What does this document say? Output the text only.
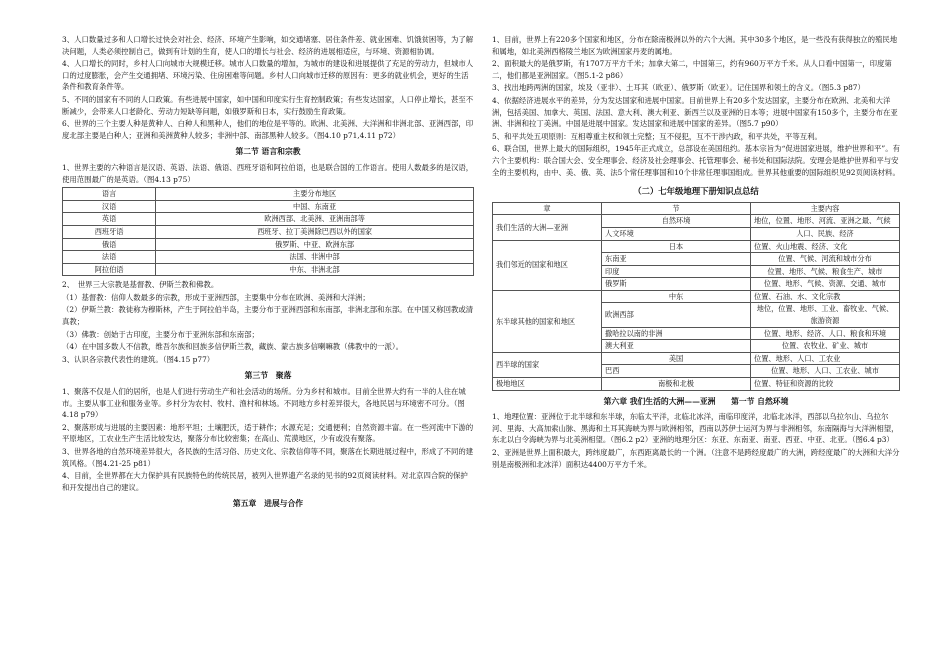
3、人口数量过多和人口增长过快会对社会、经济、环境产生影响，如交通堵塞、居住条件差、就业困难、饥饿贫困等，为了解决问题，人类必须控制自己，做到有计划的生育，使人口的增长与社会、经济的进展相适应，与环境、资源相协调。

4、人口增长的同时，乡村人口向城市大规模迁移。城市人口数量的增加，为城市的建设和进展提供了充足的劳动力，但城市人口的过度膨胀，会产生交通拥堵、环境污染、住房困难等问题。乡村人口向城市迁移的原因有：更多的就业机会，更好的生活条件和教育条件等。

5、不同的国家有不同的人口政策。有些进展中国家，如中国和印度实行生育控制政策；有些发达国家，人口停止增长，甚至不断减少，会带来人口老龄化、劳动力短缺等问题，如俄罗斯和日本，实行鼓励生育政策。

6、世界的三个主要人种是黄种人、白种人和黑种人，他们的地位是平等的。欧洲、北美洲、大洋洲和非洲北部、亚洲西部，印度北部主要是白种人；亚洲和美洲黄种人较多；非洲中部、南部黑种人较多。（图4.10 p71,4.11 p72）

第二节 语言和宗教

1、世界主要的六种语言是汉语、英语、法语、俄语、西班牙语和阿拉伯语，也是联合国的工作语言。使用人数最多的是汉语，使用范围最广的是英语。（图4.13 p75）

语言	主要分布地区
汉语	中国、东南亚
英语	欧洲西部、北美洲、亚洲南部等
西班牙语	西班牙、拉丁美洲除巴西以外的国家
俄语	俄罗斯、中亚、欧洲东部
法语	法国、非洲中部
阿拉伯语	中东、非洲北部

2、　世界三大宗教是基督教、伊斯兰教和佛教。

（1）基督教：信仰人数最多的宗教，形成于亚洲西部，主要集中分布在欧洲、美洲和大洋洲；

（2）伊斯兰教：教徒称为穆斯林，产生于阿拉伯半岛，主要分布于亚洲西部和东南部，非洲北部和东部。在中国又称回教或清真教；

（3）佛教：创始于古印度，主要分布于亚洲东部和东南部；

（4）在中国多数人不信教，维吾尔族和回族多信伊斯兰教，藏族、蒙古族多信喇嘛教（佛教中的一派）。

3、认识各宗教代表性的建筑。（图4.15 p77）

第三节　聚落

1、聚落不仅是人们的居所，也是人们进行劳动生产和社会活动的场所。分为乡村和城市。目前全世界大约有一半的人住在城市。主要从事工业和服务业等。乡村分为农村、牧村、渔村和林场。不同地方乡村差异很大，各地民居与环境密不可分。（图4.18 p79）

2、聚落形成与进展的主要因素：地形平坦；土壤肥沃，适于耕作；水源充足；交通便利；自然资源丰富。在一些河流中下游的平原地区，工农业生产生活比较发达，聚落分布比较密集；在高山、荒漠地区，少有或没有聚落。

3、世界各地的自然环境差异很大，各民族的生活习俗、历史文化、宗教信仰等不同，聚落在长期进展过程中，形成了不同的建筑风格。（图4.21-25 p81）

4、目前，全世界都在大力保护具有民族特色的传统民居，被列入世界遗产名录的见书的92页阅读材料。对北京四合院的保护和开发提出自己的建议。

第五章　进展与合作

1、目前，世界上有220多个国家和地区，分布在除南极洲以外的六个大洲。其中30多个地区，是一些没有获得独立的殖民地和属地，如北美洲西格陵兰地区为欧洲国家丹麦的属地。

2、面积最大的是俄罗斯，有1707万平方千米；加拿大第二，中国第三，约有960万平方千米。从人口看中国第一，印度第二，他们都是亚洲国家。（图5.1-2 p86）

3、找出地跨两洲的国家，埃及（亚非）、土耳其（欧亚）、俄罗斯（欧亚）。记住国界和领土的含义。（图5.3 p87）

4、依据经济进展水平的差异，分为发达国家和进展中国家。目前世界上有20多个发达国家，主要分布在欧洲、北美和大洋洲，包括美国、加拿大、英国、法国、意大利、澳大利亚、新西兰以及亚洲的日本等；进展中国家有150多个，主要分布在亚洲、非洲和拉丁美洲。中国是进展中国家。发达国家和进展中国家的差异。（图5.7 p90）

5、和平共处五项原则：互相尊重主权和领土完整；互不侵犯，互不干涉内政，和平共处，平等互利。

6、联合国，世界上最大的国际组织，1945年正式成立，总部设在美国纽约。基本宗旨为“促进国家进展，维护世界和平”。有六个主要机构：联合国大会、安全理事会、经济及社会理事会、托管理事会、秘书处和国际法院。安理会是维护世界和平与安全的主要机构，由中、美、俄、英、法5个常任理事国和10个非常任理事国组成。世界其他重要的国际组织见92页阅读材料。

（二）七年级地理下册知识点总结
章	节	主要内容
我们生活的大洲—亚洲	自然环境	地位，位置、地形、河流、亚洲之最、气候
	人文环境	人口、民族、经济
我们邻近的国家和地区	日本	位置、火山地震、经济、文化
	东南亚	位置、气候、河流和城市分布
	印度	位置、地形、气候、粮食生产、城市
	俄罗斯	位置、地形、气候、资源、交通、城市
东半球其他的国家和地区	中东	位置、石油、水、文化宗教
	欧洲西部	地位，位置、地形、工业、畜牧业、气候、旅游资源
	撒哈拉以南的非洲	位置、地形、经济、人口、粮食和环境
	澳大利亚	位置、农牧业、矿业、城市
西半球的国家	美国	位置、地形、人口、工农业
	巴西	位置、地形、人口、工农业、城市
极地地区	南极和北极	位置、特征和资源的比较
第六章 我们生活的大洲——亚洲　　第一节 自然环境

1、地理位置：亚洲位于北半球和东半球，东临太平洋，北临北冰洋，南临印度洋，北临北冰洋，西部以乌拉尔山、乌拉尔河、里海、大高加索山脉、黑海和土耳其海峡为界与欧洲相邻，西南以苏伊士运河为界与非洲相邻，东南隔海与大洋洲相望，东北以白令海峡为界与北美洲相望。（图6.2 p2）亚洲的地理分区：东亚、东南亚、南亚、西亚、中亚、北亚。（图6.4 p3）

2、亚洲是世界上面积最大，跨纬度最广，东西距离最长的一个洲。（注意不是跨经度最广的大洲，跨经度最广的大洲和大洋分别是南极洲和北冰洋）面积达4400万平方千米。
